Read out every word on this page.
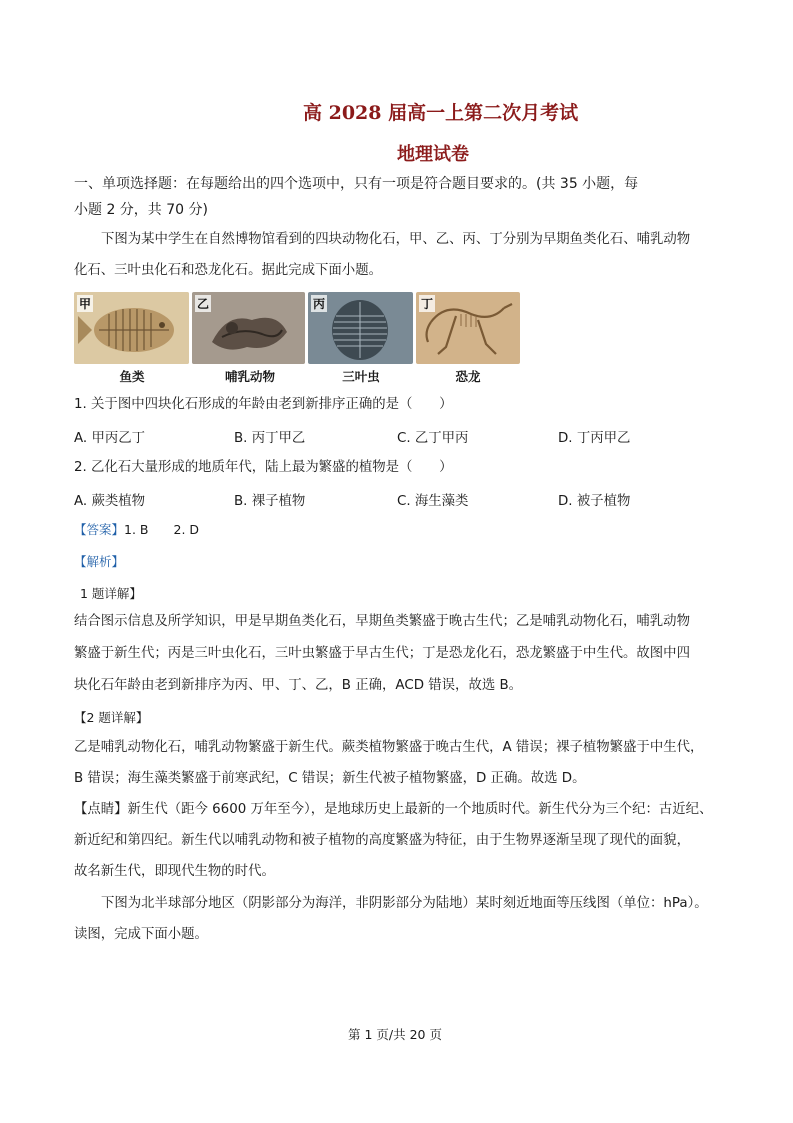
高 2028 届高一上第二次月考试
地理试卷
一、单项选择题：在每题给出的四个选项中，只有一项是符合题目要求的。(共 35 小题，每
小题 2 分，共 70 分)
下图为某中学生在自然博物馆看到的四块动物化石，甲、乙、丙、丁分别为早期鱼类化石、哺乳动物
化石、三叶虫化石和恐龙化石。据此完成下面小题。
甲	乙	丙	丁
鱼类	哺乳动物	三叶虫	恐龙
1. 关于图中四块化石形成的年龄由老到新排序正确的是（　　）
A. 甲丙乙丁	B. 丙丁甲乙	C. 乙丁甲丙	D. 丁丙甲乙
2. 乙化石大量形成的地质年代，陆上最为繁盛的植物是（　　）
A. 蕨类植物	B. 裸子植物	C. 海生藻类	D. 被子植物
【答案】1. B　　2. D
【解析】
1 题详解】
结合图示信息及所学知识，甲是早期鱼类化石，早期鱼类繁盛于晚古生代；乙是哺乳动物化石，哺乳动物
繁盛于新生代；丙是三叶虫化石，三叶虫繁盛于早古生代；丁是恐龙化石，恐龙繁盛于中生代。故图中四
块化石年龄由老到新排序为丙、甲、丁、乙，B 正确，ACD 错误，故选 B。
【2 题详解】
乙是哺乳动物化石，哺乳动物繁盛于新生代。蕨类植物繁盛于晚古生代，A 错误；裸子植物繁盛于中生代，
B 错误；海生藻类繁盛于前寒武纪，C 错误；新生代被子植物繁盛，D 正确。故选 D。
【点睛】新生代（距今 6600 万年至今），是地球历史上最新的一个地质时代。新生代分为三个纪：古近纪、
新近纪和第四纪。新生代以哺乳动物和被子植物的高度繁盛为特征，由于生物界逐渐呈现了现代的面貌，
故名新生代，即现代生物的时代。
下图为北半球部分地区（阴影部分为海洋，非阴影部分为陆地）某时刻近地面等压线图（单位：hPa）。
读图，完成下面小题。
第 1 页/共 20 页
